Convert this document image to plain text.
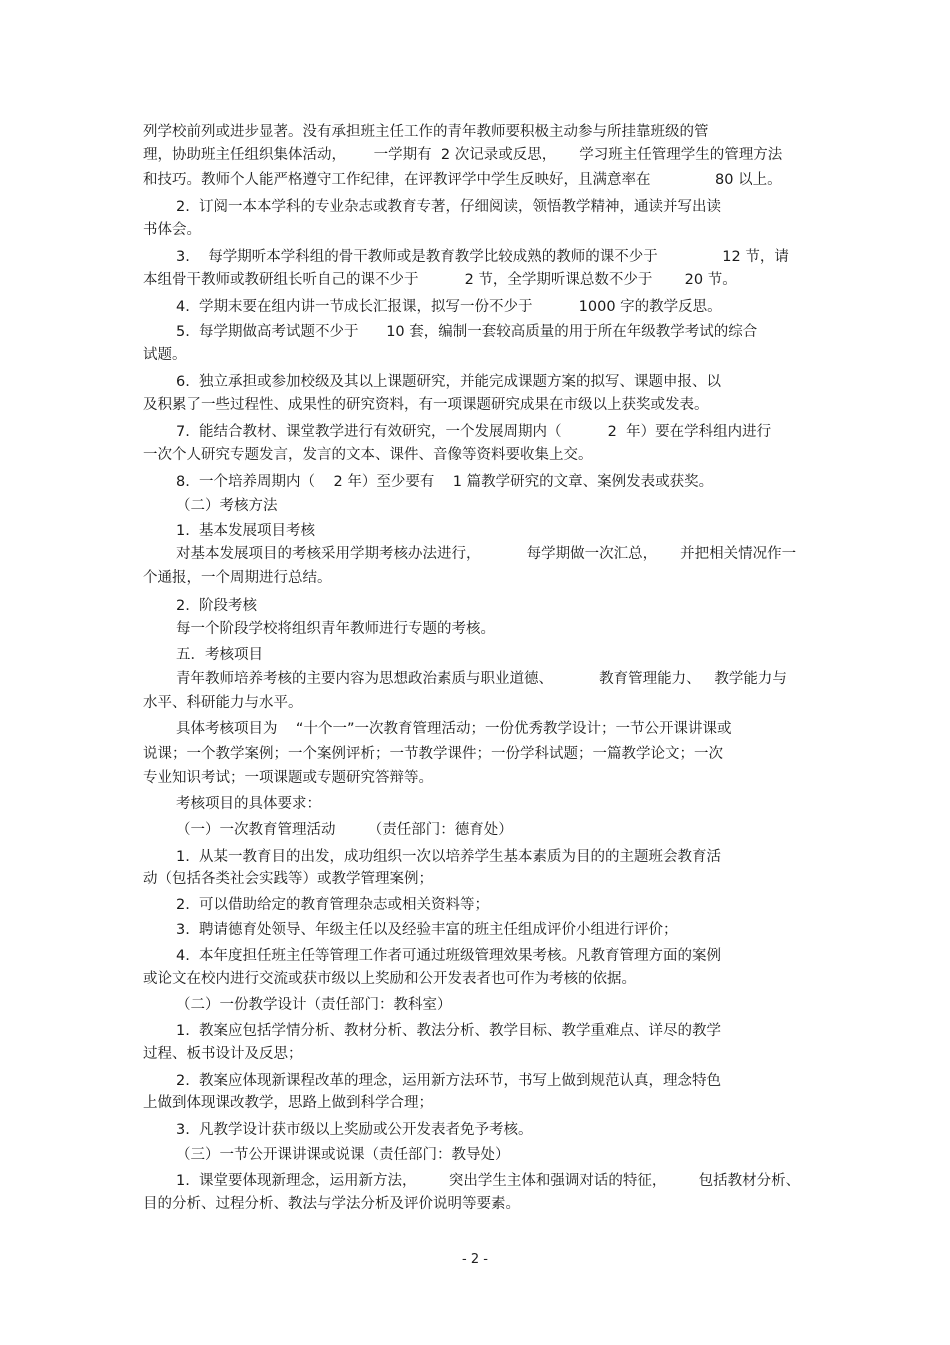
列学校前列或进步显著。没有承担班主任工作的青年教师要积极主动参与所挂靠班级的管
理，协助班主任组织集体活动，      一学期有  2 次记录或反思，     学习班主任管理学生的管理方法
和技巧。教师个人能严格遵守工作纪律，在评教评学中学生反映好，且满意率在              80 以上。
2.  订阅一本本学科的专业杂志或教育专著，仔细阅读，领悟教学精神，通读并写出读
书体会。
3.    每学期听本学科组的骨干教师或是教育教学比较成熟的教师的课不少于              12 节，请
本组骨干教师或教研组长听自己的课不少于          2 节，全学期听课总数不少于       20 节。
4.  学期末要在组内讲一节成长汇报课，拟写一份不少于          1000 字的教学反思。
5.  每学期做高考试题不少于      10 套，编制一套较高质量的用于所在年级教学考试的综合
试题。
6.  独立承担或参加校级及其以上课题研究，并能完成课题方案的拟写、课题申报、以
及积累了一些过程性、成果性的研究资料，有一项课题研究成果在市级以上获奖或发表。
7.  能结合教材、课堂教学进行有效研究，一个发展周期内（          2  年）要在学科组内进行
一次个人研究专题发言，发言的文本、课件、音像等资料要收集上交。
8.  一个培养周期内（    2 年）至少要有    1 篇教学研究的文章、案例发表或获奖。
（二）考核方法
1.  基本发展项目考核
对基本发展项目的考核采用学期考核办法进行，          每学期做一次汇总，     并把相关情况作一
个通报，一个周期进行总结。
2.  阶段考核
每一个阶段学校将组织青年教师进行专题的考核。
五．考核项目
青年教师培养考核的主要内容为思想政治素质与职业道德、          教育管理能力、   教学能力与
水平、科研能力与水平。
具体考核项目为    “十个一”一次教育管理活动；一份优秀教学设计；一节公开课讲课或
说课；一个教学案例；一个案例评析；一节教学课件；一份学科试题；一篇教学论文；一次
专业知识考试；一项课题或专题研究答辩等。
考核项目的具体要求：
（一）一次教育管理活动       （责任部门：德育处）
1.  从某一教育目的出发，成功组织一次以培养学生基本素质为目的的主题班会教育活
动（包括各类社会实践等）或教学管理案例；
2.  可以借助给定的教育管理杂志或相关资料等；
3.  聘请德育处领导、年级主任以及经验丰富的班主任组成评价小组进行评价；
4.  本年度担任班主任等管理工作者可通过班级管理效果考核。凡教育管理方面的案例
或论文在校内进行交流或获市级以上奖励和公开发表者也可作为考核的依据。
（二）一份教学设计（责任部门：教科室）
1.  教案应包括学情分析、教材分析、教法分析、教学目标、教学重难点、详尽的教学
过程、板书设计及反思；
2.  教案应体现新课程改革的理念，运用新方法环节，书写上做到规范认真，理念特色
上做到体现课改教学，思路上做到科学合理；
3.  凡教学设计获市级以上奖励或公开发表者免予考核。
（三）一节公开课讲课或说课（责任部门：教导处）
1.  课堂要体现新理念，运用新方法，       突出学生主体和强调对话的特征，       包括教材分析、
目的分析、过程分析、教法与学法分析及评价说明等要素。
- 2 -
